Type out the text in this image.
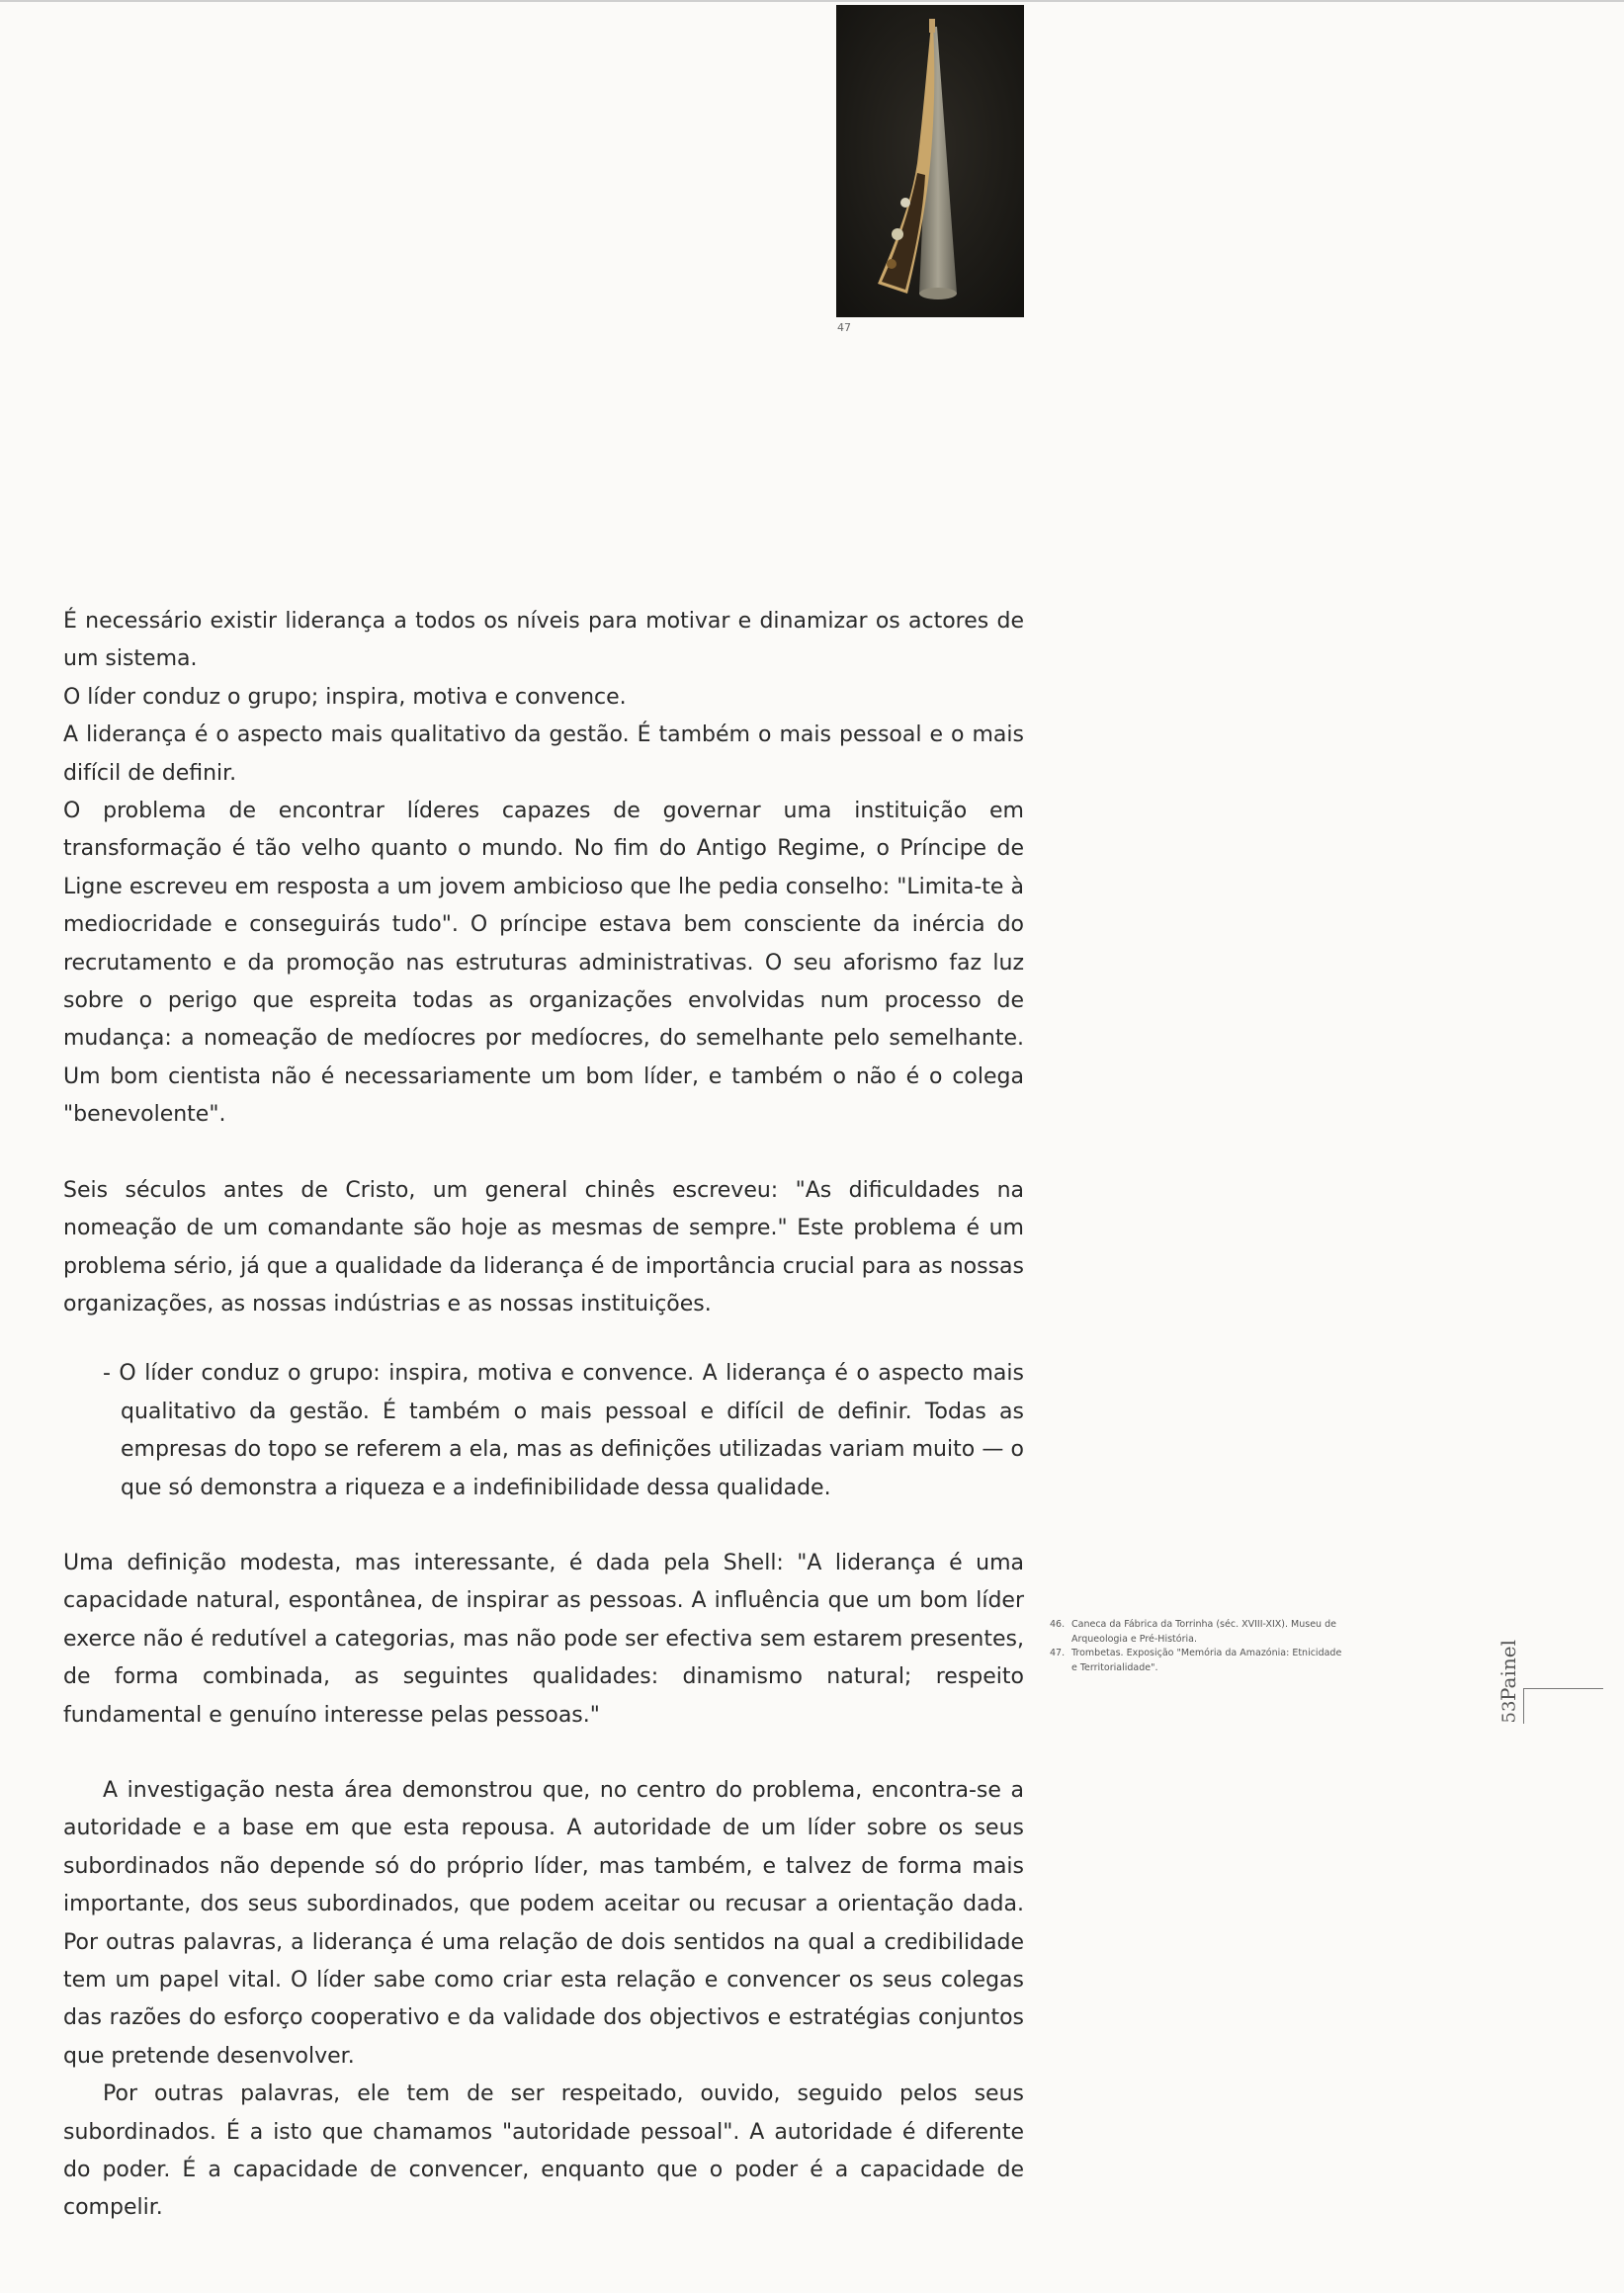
47

É necessário existir liderança a todos os níveis para motivar e dinamizar os actores de um sistema.

O líder conduz o grupo; inspira, motiva e convence.

A liderança é o aspecto mais qualitativo da gestão. É também o mais pessoal e o mais difícil de definir.

O problema de encontrar líderes capazes de governar uma instituição em transformação é tão velho quanto o mundo. No fim do Antigo Regime, o Príncipe de Ligne escreveu em resposta a um jovem ambicioso que lhe pedia conselho: "Limita-te à mediocridade e conseguirás tudo". O príncipe estava bem consciente da inércia do recrutamento e da promoção nas estruturas administrativas. O seu aforismo faz luz sobre o perigo que espreita todas as organizações envolvidas num processo de mudança: a nomeação de medíocres por medíocres, do semelhante pelo semelhante. Um bom cientista não é necessariamente um bom líder, e também o não é o colega "benevolente".

Seis séculos antes de Cristo, um general chinês escreveu: "As dificuldades na nomeação de um comandante são hoje as mesmas de sempre." Este problema é um problema sério, já que a qualidade da liderança é de importância crucial para as nossas organizações, as nossas indústrias e as nossas instituições.

- O líder conduz o grupo: inspira, motiva e convence. A liderança é o aspecto mais qualitativo da gestão. É também o mais pessoal e difícil de definir. Todas as empresas do topo se referem a ela, mas as definições utilizadas variam muito — o que só demonstra a riqueza e a indefinibilidade dessa qualidade.

Uma definição modesta, mas interessante, é dada pela Shell: "A liderança é uma capacidade natural, espontânea, de inspirar as pessoas. A influência que um bom líder exerce não é redutível a categorias, mas não pode ser efectiva sem estarem presentes, de forma combinada, as seguintes qualidades: dinamismo natural; respeito fundamental e genuíno interesse pelas pessoas."

A investigação nesta área demonstrou que, no centro do problema, encontra-se a autoridade e a base em que esta repousa. A autoridade de um líder sobre os seus subordinados não depende só do próprio líder, mas também, e talvez de forma mais importante, dos seus subordinados, que podem aceitar ou recusar a orientação dada. Por outras palavras, a liderança é uma relação de dois sentidos na qual a credibilidade tem um papel vital. O líder sabe como criar esta relação e convencer os seus colegas das razões do esforço cooperativo e da validade dos objectivos e estratégias conjuntos que pretende desenvolver.

Por outras palavras, ele tem de ser respeitado, ouvido, seguido pelos seus subordinados. É a isto que chamamos "autoridade pessoal". A autoridade é diferente do poder. É a capacidade de convencer, enquanto que o poder é a capacidade de compelir.

46. Caneca da Fábrica da Torrinha (séc. XVIII-XIX). Museu de Arqueologia e Pré-História.
47. Trombetas. Exposição "Memória da Amazónia: Etnicidade e Territorialidade".	Painel
53
